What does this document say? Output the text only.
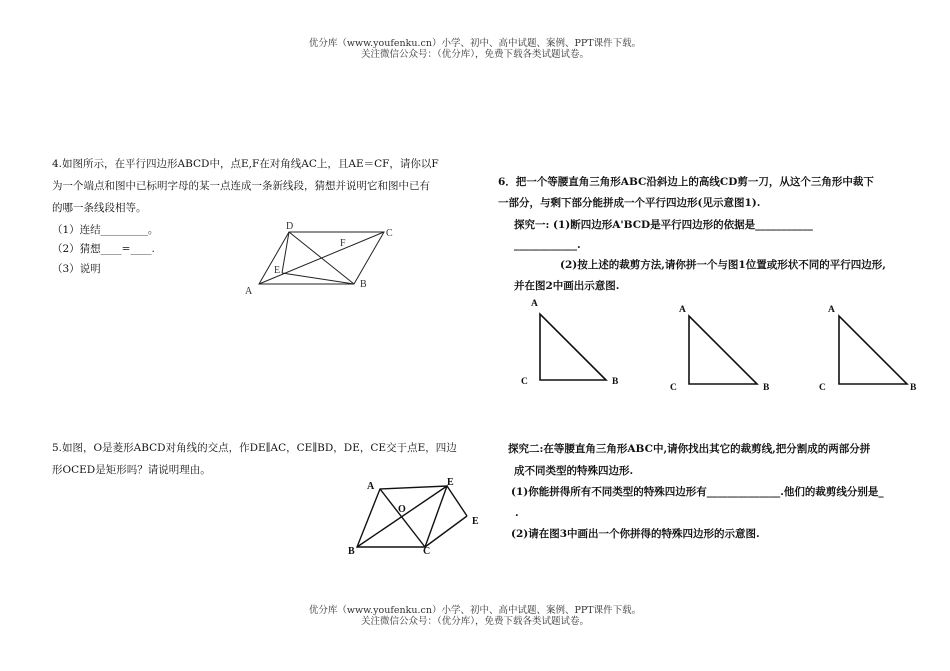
优分库（www.youfenku.cn）小学、初中、高中试题、案例、PPT课件下载。
关注微信公众号：（优分库），免费下载各类试题试卷。
4.如图所示，在平行四边形ABCD中，点E,F在对角线AC上，且AE＝CF，请你以F
为一个端点和图中已标明字母的某一点连成一条新线段，猜想并说明它和图中已有
的哪一条线段相等。
（1）连结_________。
（2）猜想____=____.
（3）说明
A
B
C
D
E
F
A
B	C
E
E
O
A
C	B
A
C	B
A
C	B
5.如图，O是菱形ABCD对角线的交点，作DE∥AC，CE∥BD，DE，CE交于点E，四边
形OCED是矩形吗？请说明理由。
6．把一个等腰直角三角形ABC沿斜边上的高线CD剪一刀，从这个三角形中裁下
一部分，与剩下部分能拼成一个平行四边形(见示意图1).
探究一: (1)断四边形A'BCD是平行四边形的依据是___________
____________.
(2)按上述的裁剪方法,请你拼一个与图1位置或形状不同的平行四边形,
并在图2中画出示意图.
探究二:在等腰直角三角形ABC中,请你找出其它的裁剪线,把分割成的两部分拼
成不同类型的特殊四边形.
(1)你能拼得所有不同类型的特殊四边形有______________.他们的裁剪线分别是_
.
(2)请在图3中画出一个你拼得的特殊四边形的示意图.
优分库（www.youfenku.cn）小学、初中、高中试题、案例、PPT课件下载。
关注微信公众号：（优分库），免费下载各类试题试卷。
